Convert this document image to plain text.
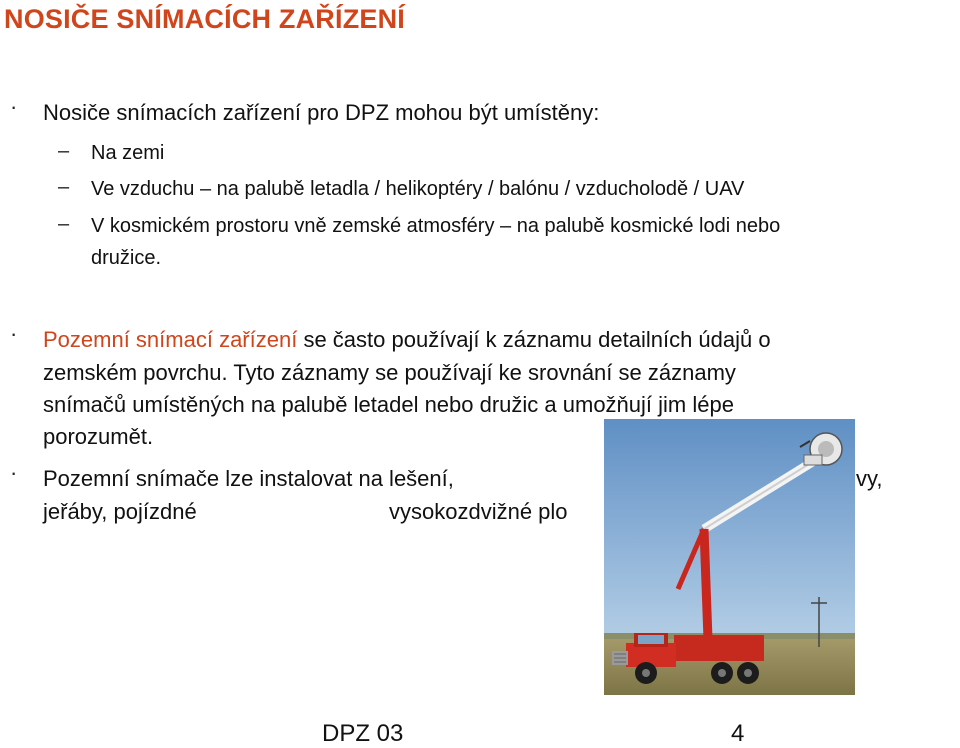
NOSIČE SNÍMACÍCH ZAŘÍZENÍ
· Nosiče snímacích zařízení pro DPZ mohou být umístěny:
– Na zemi
– Ve vzduchu – na palubě letadla / helikoptéry / balónu / vzducholodě / UAV
– V kosmickém prostoru vně zemské atmosféry – na palubě kosmické lodi nebo
družice.
· Pozemní snímací zařízení se často používají k záznamu detailních údajů o
zemském povrchu. Tyto záznamy se používají ke srovnání se záznamy
snímačů umístěných na palubě letadel nebo družic a umožňují jim lépe
porozumět.
· Pozemní snímače lze instalovat na lešení,	vy,
jeřáby, pojízdné	vysokozdvižné plo
DPZ 03	4
